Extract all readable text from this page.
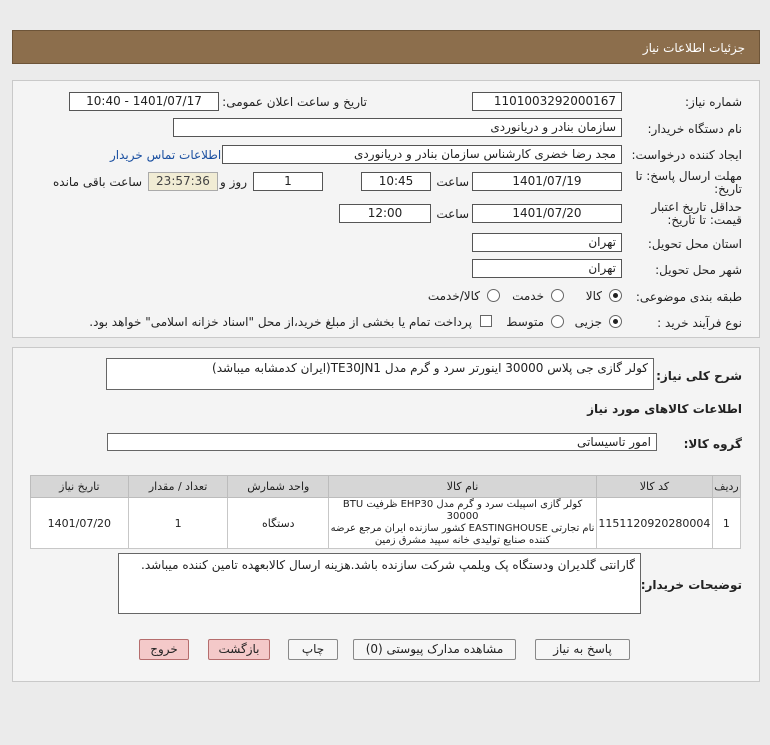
جزئیات اطلاعات نیاز
شماره نیاز:
1101003292000167
تاریخ و ساعت اعلان عمومی:
1401/07/17 - 10:40
نام دستگاه خریدار:
سازمان بنادر و دریانوردی
ایجاد کننده درخواست:
مجد رضا خضری کارشناس سازمان بنادر و دریانوردی
اطلاعات تماس خریدار
مهلت ارسال پاسخ: تا
تاریخ:
1401/07/19
ساعت
10:45
1
روز و
23:57:36
ساعت باقی مانده
حداقل تاریخ اعتبار
قیمت: تا تاریخ:
1401/07/20
ساعت
12:00
استان محل تحویل:
تهران
شهر محل تحویل:
تهران
طبقه بندی موضوعی:
کالا
خدمت
کالا/خدمت
نوع فرآیند خرید :
جزیی
متوسط
پرداخت تمام یا بخشی از مبلغ خرید،از محل "اسناد خزانه اسلامی" خواهد بود.
شرح کلی نیاز:
کولر گازی جی پلاس 30000 اینورتر سرد و گرم مدل TE30JN1(ایران کدمشابه میباشد)
اطلاعات کالاهای مورد نیاز
گروه کالا:
امور تاسیساتی
ردیف	کد کالا	نام کالا	واحد شمارش	تعداد / مقدار	تاریخ نیاز
1	1151120920280004	کولر گازی اسپیلت سرد و گرم مدل EHP30 ظرفیت BTU 30000
نام تجارتی EASTINGHOUSE کشور سازنده ایران مرجع عرضه
کننده صنایع تولیدی خانه سپید مشرق زمین	دستگاه	1	1401/07/20
توضیحات خریدار:
گارانتی گلدیران ودستگاه پک ویلمپ شرکت سازنده باشد.هزینه ارسال کالابعهده تامین کننده میباشد.
پاسخ به نیاز
مشاهده مدارک پیوستی (0)
چاپ
بازگشت
خروج
